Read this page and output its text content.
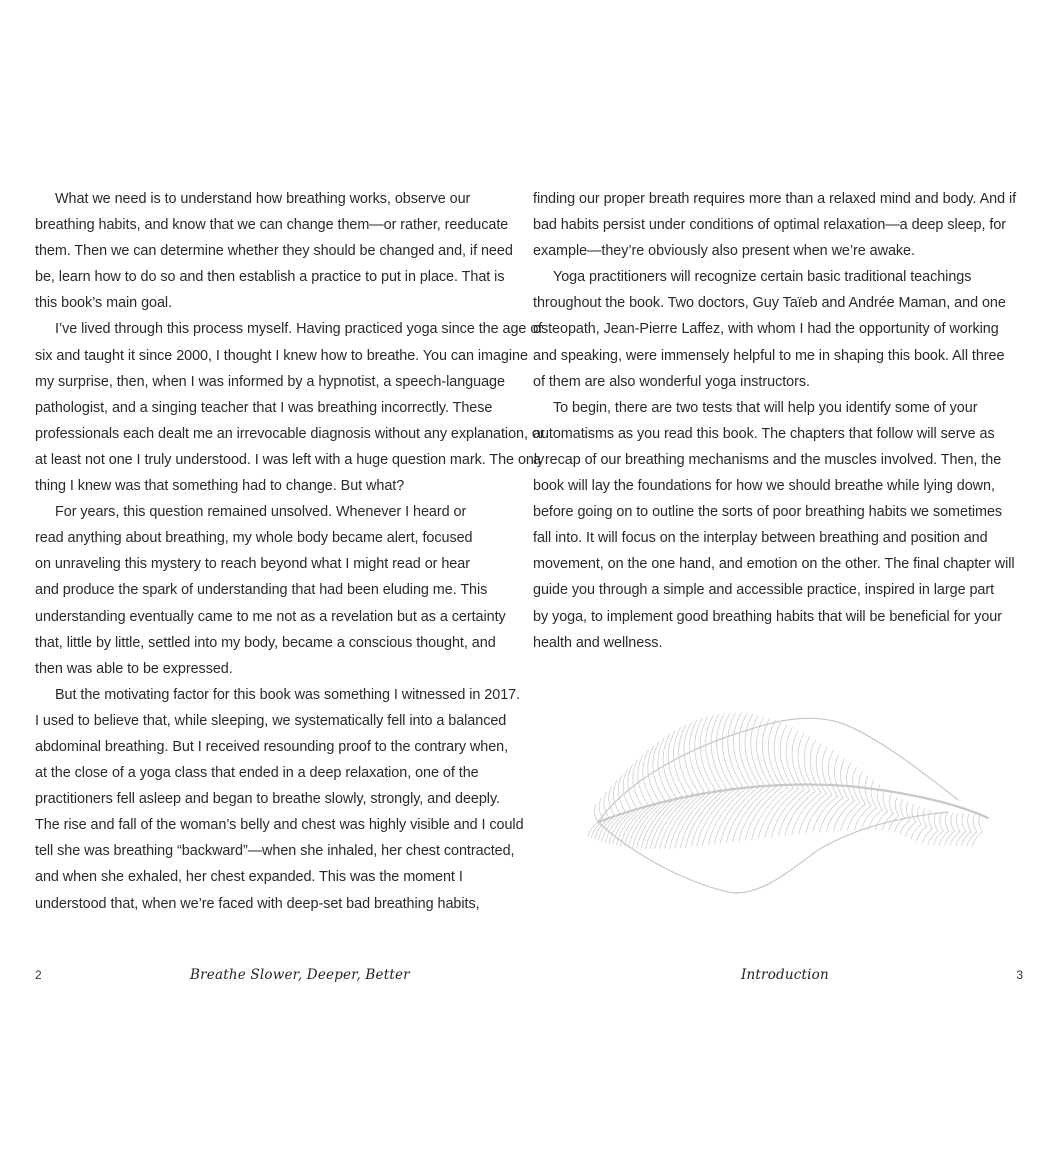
What we need is to understand how breathing works, observe our
breathing habits, and know that we can change them—or rather, reeducate
them. Then we can determine whether they should be changed and, if need
be, learn how to do so and then establish a practice to put in place. That is
this book’s main goal.
I’ve lived through this process myself. Having practiced yoga since the age of
six and taught it since 2000, I thought I knew how to breathe. You can imagine
my surprise, then, when I was informed by a hypnotist, a speech-language
pathologist, and a singing teacher that I was breathing incorrectly. These
professionals each dealt me an irrevocable diagnosis without any explanation, or
at least not one I truly understood. I was left with a huge question mark. The only
thing I knew was that something had to change. But what?
For years, this question remained unsolved. Whenever I heard or
read anything about breathing, my whole body became alert, focused
on unraveling this mystery to reach beyond what I might read or hear
and produce the spark of understanding that had been eluding me. This
understanding eventually came to me not as a revelation but as a certainty
that, little by little, settled into my body, became a conscious thought, and
then was able to be expressed.
But the motivating factor for this book was something I witnessed in 2017.
I used to believe that, while sleeping, we systematically fell into a balanced
abdominal breathing. But I received resounding proof to the contrary when,
at the close of a yoga class that ended in a deep relaxation, one of the
practitioners fell asleep and began to breathe slowly, strongly, and deeply.
The rise and fall of the woman’s belly and chest was highly visible and I could
tell she was breathing “backward”—when she inhaled, her chest contracted,
and when she exhaled, her chest expanded. This was the moment I
understood that, when we’re faced with deep-set bad breathing habits,
2	Breathe Slower, Deeper, Better
finding our proper breath requires more than a relaxed mind and body. And if
bad habits persist under conditions of optimal relaxation—a deep sleep, for
example—they’re obviously also present when we’re awake.
Yoga practitioners will recognize certain basic traditional teachings
throughout the book. Two doctors, Guy Taïeb and Andrée Maman, and one
osteopath, Jean-Pierre Laffez, with whom I had the opportunity of working
and speaking, were immensely helpful to me in shaping this book. All three
of them are also wonderful yoga instructors.
To begin, there are two tests that will help you identify some of your
automatisms as you read this book. The chapters that follow will serve as
a recap of our breathing mechanisms and the muscles involved. Then, the
book will lay the foundations for how we should breathe while lying down,
before going on to outline the sorts of poor breathing habits we sometimes
fall into. It will focus on the interplay between breathing and position and
movement, on the one hand, and emotion on the other. The final chapter will
guide you through a simple and accessible practice, inspired in large part
by yoga, to implement good breathing habits that will be beneficial for your
health and wellness.
3
Introduction
